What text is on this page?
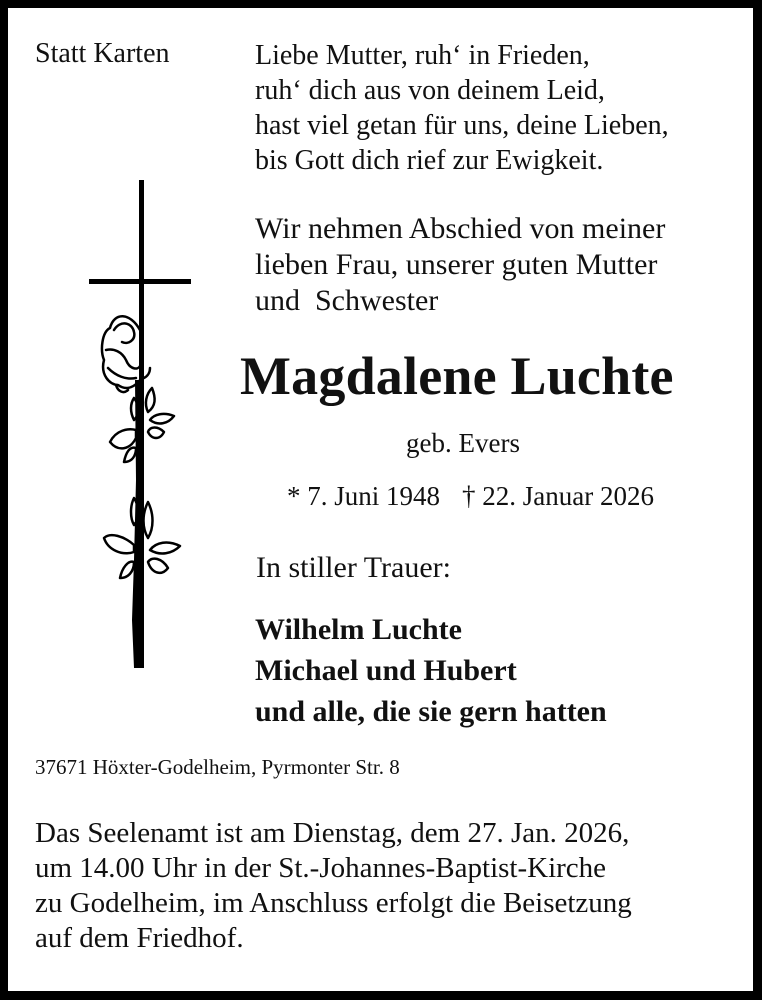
Statt Karten	Liebe Mutter, ruh‘ in Frieden,
ruh‘ dich aus von deinem Leid,
hast viel getan für uns, deine Lieben,
bis Gott dich rief zur Ewigkeit.
Wir nehmen Abschied von meiner
lieben Frau, unserer guten Mutter
und  Schwester
Magdalene Luchte
geb. Evers
* 7. Juni 1948 † 22. Januar 2026
In stiller Trauer:
Wilhelm Luchte
Michael und Hubert
und alle, die sie gern hatten
37671 Höxter-Godelheim, Pyrmonter Str. 8
Das Seelenamt ist am Dienstag, dem 27. Jan. 2026,
um 14.00 Uhr in der St.-Johannes-Baptist-Kirche
zu Godelheim, im Anschluss erfolgt die Beisetzung
auf dem Friedhof.
